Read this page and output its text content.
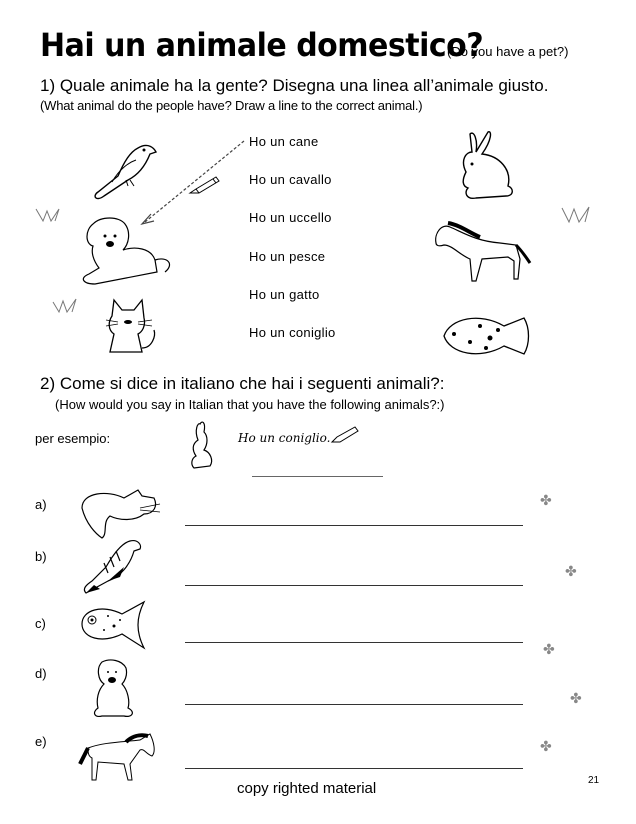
Hai un animale domestico?
(Do you have a pet?)
1) Quale animale ha la gente? Disegna una linea all’animale giusto.
(What animal do the people have? Draw a line to the correct animal.)
Ho un cane
Ho un cavallo
Ho un uccello
Ho un pesce
Ho un gatto
Ho un coniglio
2) Come si dice in italiano che hai i seguenti animali?:
(How would you say in Italian that you have the following animals?:)
per esempio:	Ho un coniglio.
a)
b)
c)
d)
e)
✤
✤
✤
✤
✤
copy righted material	21
